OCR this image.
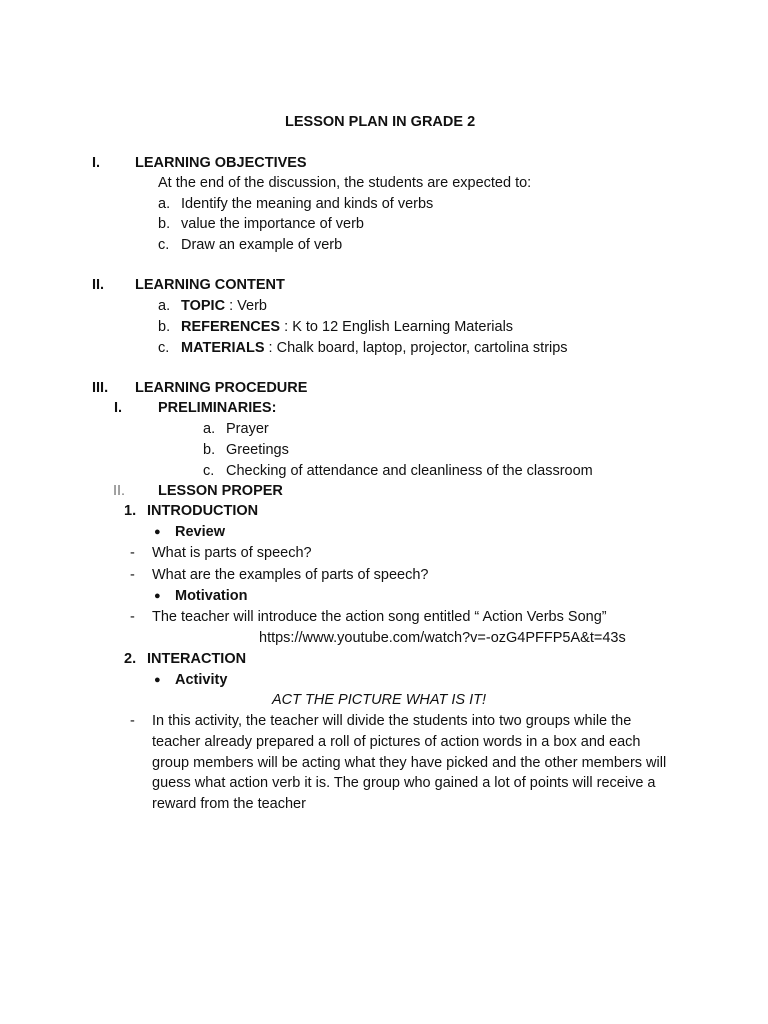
LESSON PLAN IN GRADE 2
I. LEARNING OBJECTIVES
At the end of the discussion, the students are expected to:
a. Identify the meaning and kinds of verbs
b. value the importance of verb
c. Draw an example of verb
II. LEARNING CONTENT
a. TOPIC : Verb
b. REFERENCES : K to 12 English Learning Materials
c. MATERIALS : Chalk board, laptop, projector, cartolina strips
III. LEARNING PROCEDURE
I. PRELIMINARIES:
a. Prayer
b. Greetings
c. Checking of attendance and cleanliness of the classroom
II. LESSON PROPER
1. INTRODUCTION
● Review
- What is parts of speech?
- What are the examples of parts of speech?
● Motivation
- The teacher will introduce the action song entitled “ Action Verbs Song”
https://www.youtube.com/watch?v=-ozG4PFFP5A&t=43s
2. INTERACTION
● Activity
ACT THE PICTURE WHAT IS IT!
- In this activity, the teacher will divide the students into two groups while the teacher already prepared a roll of pictures of action words in a box and each group members will be acting what they have picked and the other members will guess what action verb it is. The group who gained a lot of points will receive a reward from the teacher
